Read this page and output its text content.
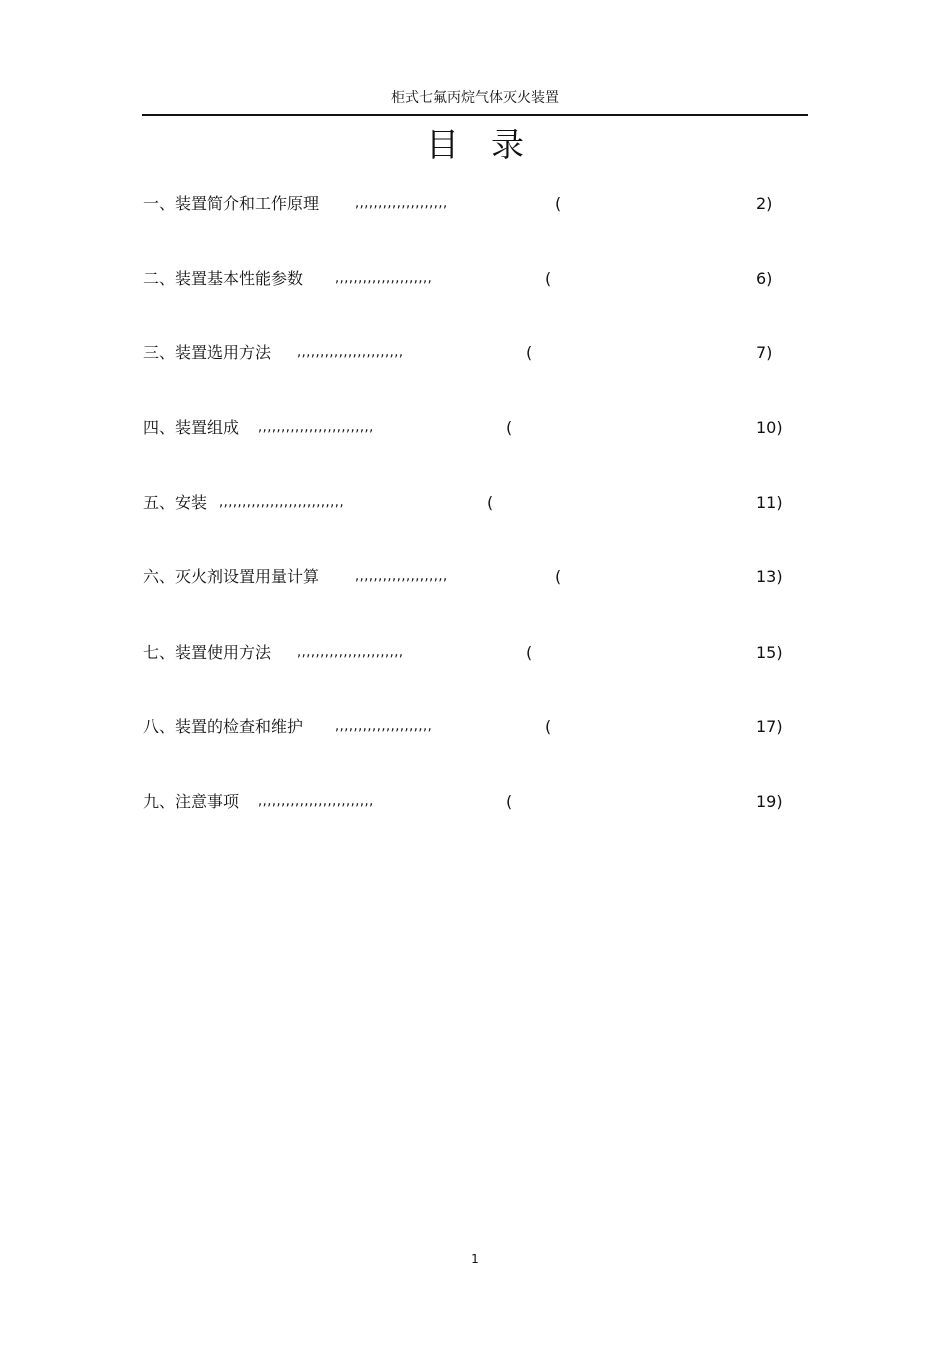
柜式七氟丙烷气体灭火装置
目录
一、装置简介和工作原理	,,,,,,,,,,,,,,,,,,,,	(	2)
二、装置基本性能参数 ,,,,,,,,,,,,,,,,,,,,,	(	6)
三、装置选用方法 ,,,,,,,,,,,,,,,,,,,,,,,	(	7)
四、装置组成 ,,,,,,,,,,,,,,,,,,,,,,,,,	(	10)
五、安装 ,,,,,,,,,,,,,,,,,,,,,,,,,,,	(	11)
六、灭火剂设置用量计算	,,,,,,,,,,,,,,,,,,,,	(	13)
七、装置使用方法 ,,,,,,,,,,,,,,,,,,,,,,,	(	15)
八、装置的检查和维护 ,,,,,,,,,,,,,,,,,,,,,	(	17)
九、注意事项 ,,,,,,,,,,,,,,,,,,,,,,,,,	(	19)
1
